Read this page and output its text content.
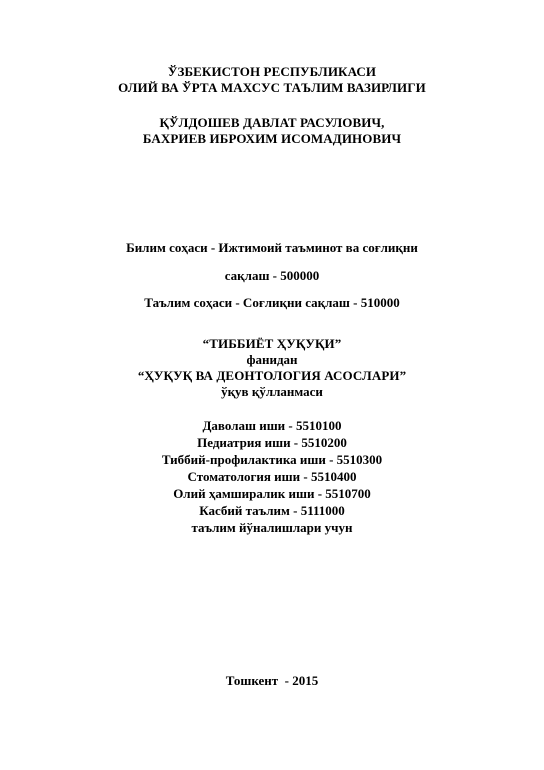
ЎЗБЕКИСТОН РЕСПУБЛИКАСИ
ОЛИЙ ВА ЎРТА МАХСУС ТАЪЛИМ ВАЗИРЛИГИ
ҚЎЛДОШЕВ ДАВЛАТ РАСУЛОВИЧ,
БАХРИЕВ ИБРОХИМ ИСОМАДИНОВИЧ
Билим соҳаси - Ижтимоий таъминот ва соғлиқни
сақлаш - 500000
Таълим соҳаси - Соғлиқни сақлаш - 510000
“ТИББИЁТ ҲУҚУҚИ”
фанидан
“ҲУҚУҚ ВА ДЕОНТОЛОГИЯ АСОСЛАРИ”
ўқув қўлланмаси
Даволаш иши - 5510100
Педиатрия иши - 5510200
Тиббий-профилактика иши - 5510300
Стоматология иши - 5510400
Олий ҳамширалик иши - 5510700
Касбий таълим - 5111000
таълим йўналишлари учун
Тошкент  - 2015
